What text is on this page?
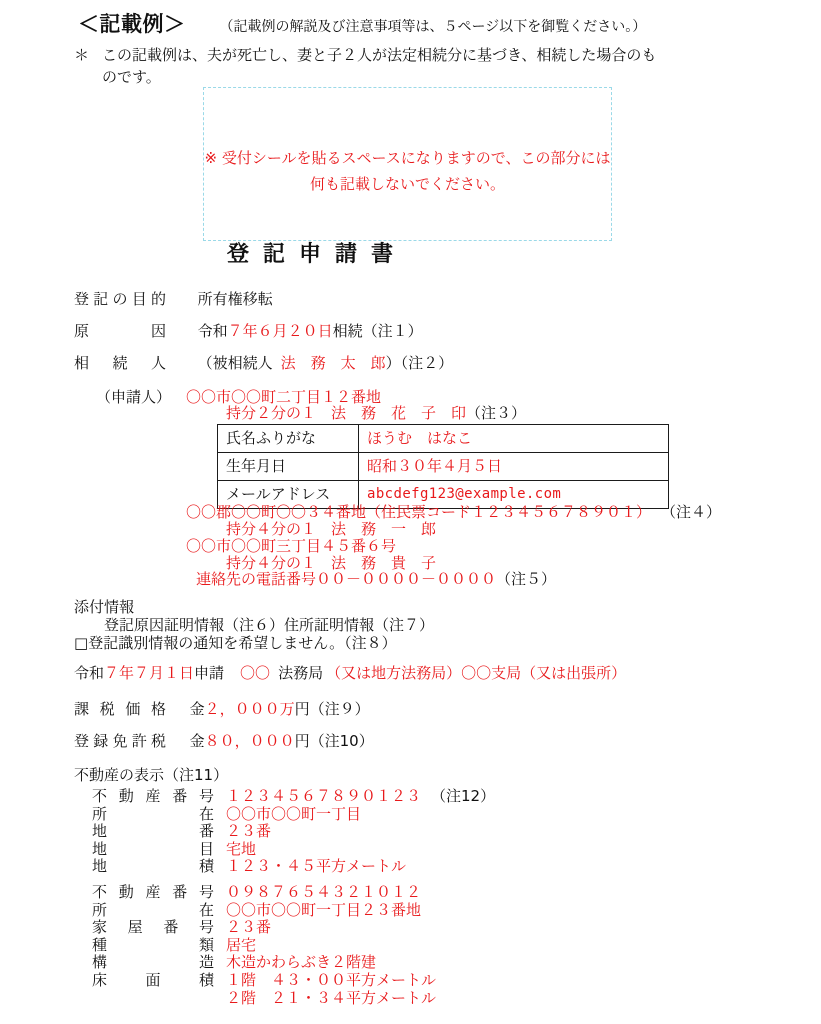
＜記載例＞ （記載例の解説及び注意事項等は、５ページ以下を御覧ください。）
＊ この記載例は、夫が死亡し、妻と子２人が法定相続分に基づき、相続した場合のも
のです。
※ 受付シールを貼るスペースになりますので、この部分には
何も記載しないでください。
登記申請書
登記の目的 所有権移転
原因 令和７年６月２０日相続（注１）
相続人 （被相続人 法　務　太　郎）（注２）
（申請人） 〇〇市〇〇町二丁目１２番地
持分２分の１　法　務　花　子　印（注３）
氏名ふりがな	ほうむ　はなこ
生年月日	昭和３０年４月５日
メールアドレス	abcdefg123@example.com
〇〇郡〇〇町〇〇３４番地（住民票コード１２３４５６７８９０１） （注４）
持分４分の１　法　務　一　郎
〇〇市〇〇町三丁目４５番６号
持分４分の１　法　務　貴　子
連絡先の電話番号００－００００－００００（注５）
添付情報
登記原因証明情報（注６）住所証明情報（注７）
□登記識別情報の通知を希望しません。（注８）
令和７年７月１日申請 〇〇 法務局 （又は地方法務局）〇〇支局（又は出張所）
課税価格 金２，０００万円（注９）
登録免許税 金８０，０００円（注10）
不動産の表示（注11）
不動産番号 １２３４５６７８９０１２３ （注12）
所在 〇〇市〇〇町一丁目
地番 ２３番
地目 宅地
地積 １２３・４５平方メートル
不動産番号 ０９８７６５４３２１０１２
所在 〇〇市〇〇町一丁目２３番地
家屋番号 ２３番
種類 居宅
構造 木造かわらぶき２階建
床面積 １階　４３・００平方メートル
２階　２１・３４平方メートル
